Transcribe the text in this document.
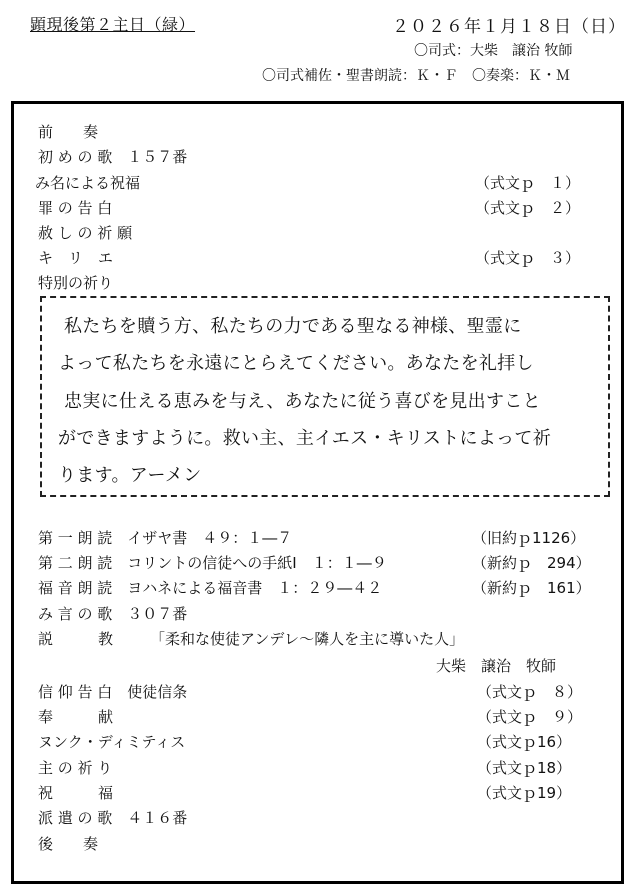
顕現後第２主日（緑）	２０２６年１月１８日（日）
〇司式：大柴　譲治 牧師
〇司式補佐・聖書朗読：Ｋ・Ｆ　〇奏楽：Ｋ・Ｍ
前　　奏
初 め の 歌　１５７番
み名による祝福	（式文ｐ　１）
罪 の 告 白	（式文ｐ　２）
赦 し の 祈 願
キ　リ　エ	（式文ｐ　３）
特別の祈り
私たちを贖う方、私たちの力である聖なる神様、聖霊に
よって私たちを永遠にとらえてください。あなたを礼拝し
忠実に仕える恵みを与え、あなたに従う喜びを見出すこと
ができますように。救い主、主イエス・キリストによって祈
ります。アーメン
第 一 朗 読　イザヤ書　４９：１―７	（旧約ｐ1126）
第 二 朗 読　コリントの信徒への手紙Ⅰ　１：１―９	（新約ｐ　294）
福 音 朗 読　ヨハネによる福音書　１：２９―４２	（新約ｐ　161）
み 言 の 歌　３０７番
説　　　教 「柔和な使徒アンデレ～隣人を主に導いた人」
大柴　譲治　牧師
信 仰 告 白　使徒信条	（式文ｐ　８）
奉　　　献	（式文ｐ　９）
ヌンク・ディミティス	（式文ｐ16）
主 の 祈 り	（式文ｐ18）
祝　　　福	（式文ｐ19）
派 遣 の 歌　４１６番
後　　奏
